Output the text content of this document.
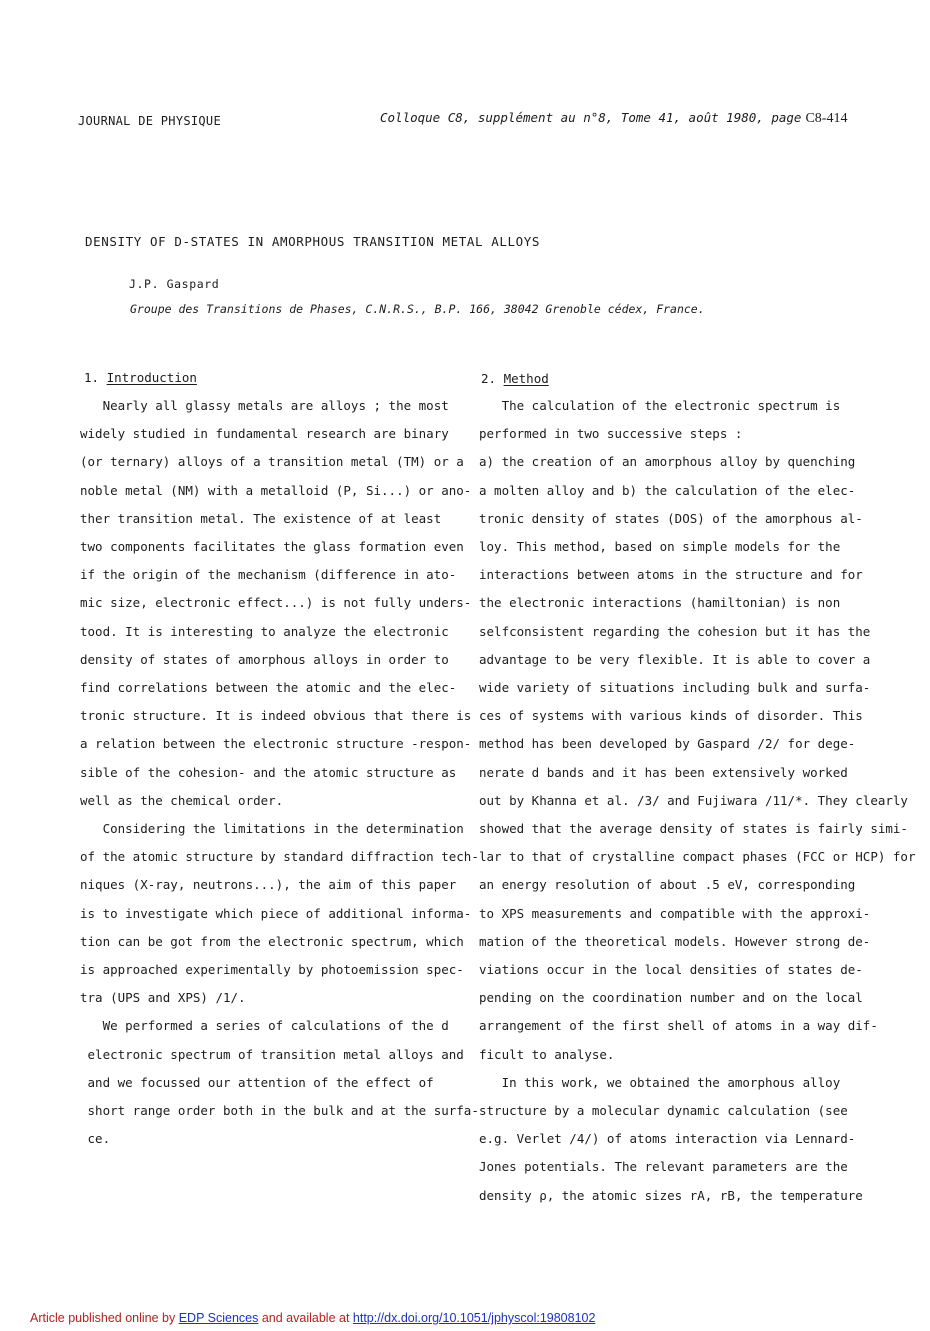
JOURNAL DE PHYSIQUE	Colloque C8, supplément au n°8, Tome 41, août 1980, page C8-414
DENSITY OF D-STATES IN AMORPHOUS TRANSITION METAL ALLOYS
J.P. Gaspard
Groupe des Transitions de Phases, C.N.R.S., B.P. 166, 38042 Grenoble cédex, France.
1. Introduction	2. Method
Nearly all glassy metals are alloys ; the most
widely studied in fundamental research are binary
(or ternary) alloys of a transition metal (TM) or a
noble metal (NM) with a metalloid (P, Si...) or ano-
ther transition metal. The existence of at least
two components facilitates the glass formation even
if the origin of the mechanism (difference in ato-
mic size, electronic effect...) is not fully unders-
tood. It is interesting to analyze the electronic
density of states of amorphous alloys in order to
find correlations between the atomic and the elec-
tronic structure. It is indeed obvious that there is
a relation between the electronic structure -respon-
sible of the cohesion- and the atomic structure as
well as the chemical order.
Considering the limitations in the determination
of the atomic structure by standard diffraction tech-
niques (X-ray, neutrons...), the aim of this paper
is to investigate which piece of additional informa-
tion can be got from the electronic spectrum, which
is approached experimentally by photoemission spec-
tra (UPS and XPS) /1/.
We performed a series of calculations of the d
electronic spectrum of transition metal alloys and
and we focussed our attention of the effect of
short range order both in the bulk and at the surfa-
ce.
The calculation of the electronic spectrum is
performed in two successive steps :
a) the creation of an amorphous alloy by quenching
a molten alloy and b) the calculation of the elec-
tronic density of states (DOS) of the amorphous al-
loy. This method, based on simple models for the
interactions between atoms in the structure and for
the electronic interactions (hamiltonian) is non
selfconsistent regarding the cohesion but it has the
advantage to be very flexible. It is able to cover a
wide variety of situations including bulk and surfa-
ces of systems with various kinds of disorder. This
method has been developed by Gaspard /2/ for dege-
nerate d bands and it has been extensively worked
out by Khanna et al. /3/ and Fujiwara /11/*. They clearly
showed that the average density of states is fairly simi-
lar to that of crystalline compact phases (FCC or HCP) for
an energy resolution of about .5 eV, corresponding
to XPS measurements and compatible with the approxi-
mation of the theoretical models. However strong de-
viations occur in the local densities of states de-
pending on the coordination number and on the local
arrangement of the first shell of atoms in a way dif-
ficult to analyse.
In this work, we obtained the amorphous alloy
structure by a molecular dynamic calculation (see
e.g. Verlet /4/) of atoms interaction via Lennard-
Jones potentials. The relevant parameters are the
density ρ, the atomic sizes rA, rB, the temperature
Article published online by EDP Sciences and available at http://dx.doi.org/10.1051/jphyscol:19808102
